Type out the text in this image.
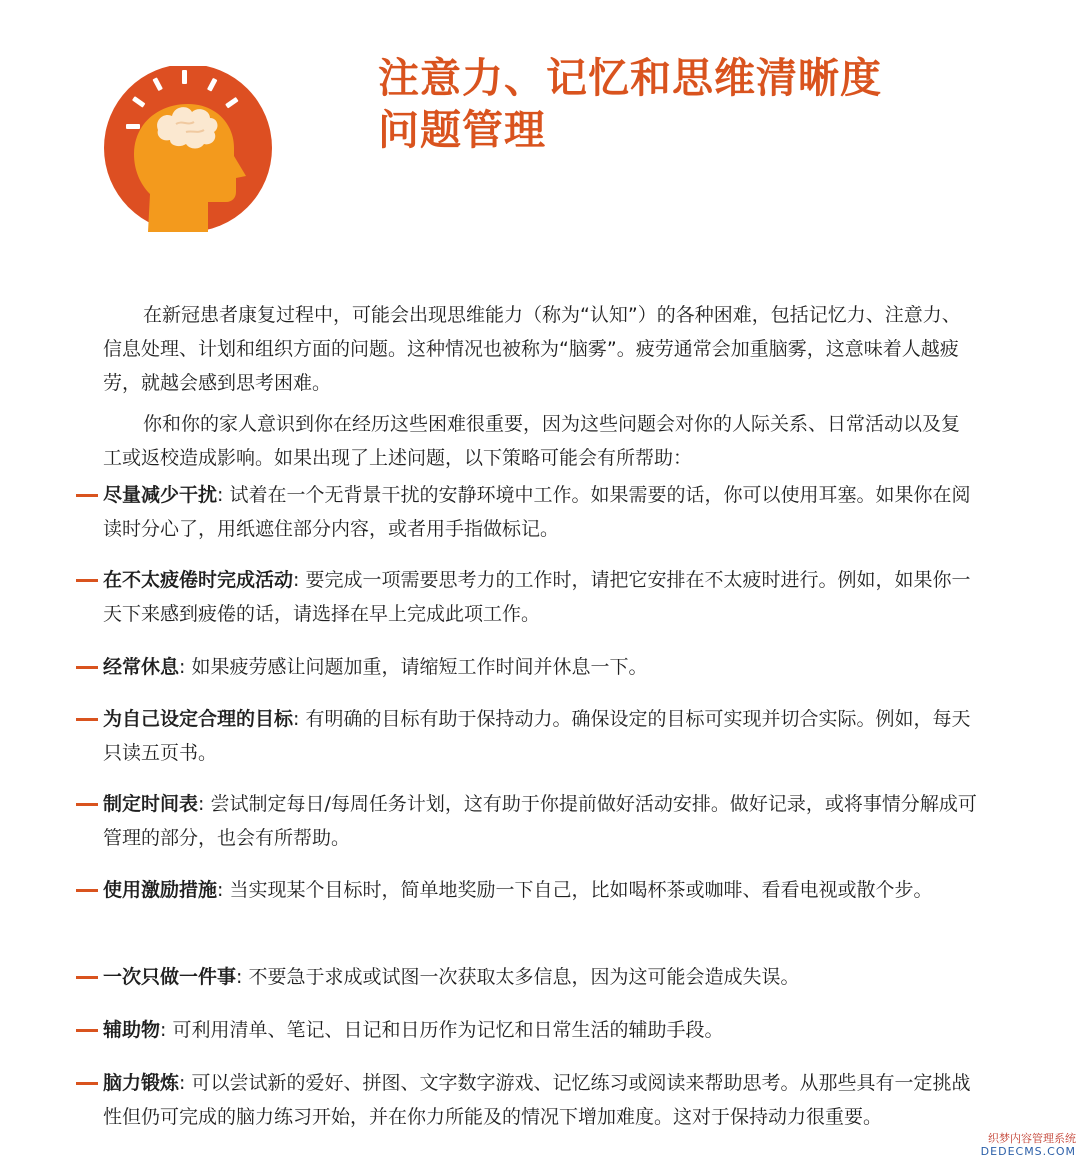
注意力、记忆和思维清晰度
问题管理

在新冠患者康复过程中，可能会出现思维能力（称为“认知”）的各种困难，包括记忆力、注意力、信息处理、计划和组织方面的问题。这种情况也被称为“脑雾”。疲劳通常会加重脑雾，这意味着人越疲劳，就越会感到思考困难。

你和你的家人意识到你在经历这些困难很重要，因为这些问题会对你的人际关系、日常活动以及复工或返校造成影响。如果出现了上述问题，以下策略可能会有所帮助：

尽量减少干扰: 试着在一个无背景干扰的安静环境中工作。如果需要的话，你可以使用耳塞。如果你在阅读时分心了，用纸遮住部分内容，或者用手指做标记。
在不太疲倦时完成活动: 要完成一项需要思考力的工作时，请把它安排在不太疲时进行。例如，如果你一天下来感到疲倦的话，请选择在早上完成此项工作。
经常休息: 如果疲劳感让问题加重，请缩短工作时间并休息一下。
为自己设定合理的目标: 有明确的目标有助于保持动力。确保设定的目标可实现并切合实际。例如，每天只读五页书。
制定时间表: 尝试制定每日/每周任务计划，这有助于你提前做好活动安排。做好记录，或将事情分解成可管理的部分，也会有所帮助。
使用激励措施: 当实现某个目标时，简单地奖励一下自己，比如喝杯茶或咖啡、看看电视或散个步。
一次只做一件事: 不要急于求成或试图一次获取太多信息，因为这可能会造成失误。
辅助物: 可利用清单、笔记、日记和日历作为记忆和日常生活的辅助手段。
脑力锻炼: 可以尝试新的爱好、拼图、文字数字游戏、记忆练习或阅读来帮助思考。从那些具有一定挑战性但仍可完成的脑力练习开始，并在你力所能及的情况下增加难度。这对于保持动力很重要。
织梦内容管理系统
DEDECMS.COM
